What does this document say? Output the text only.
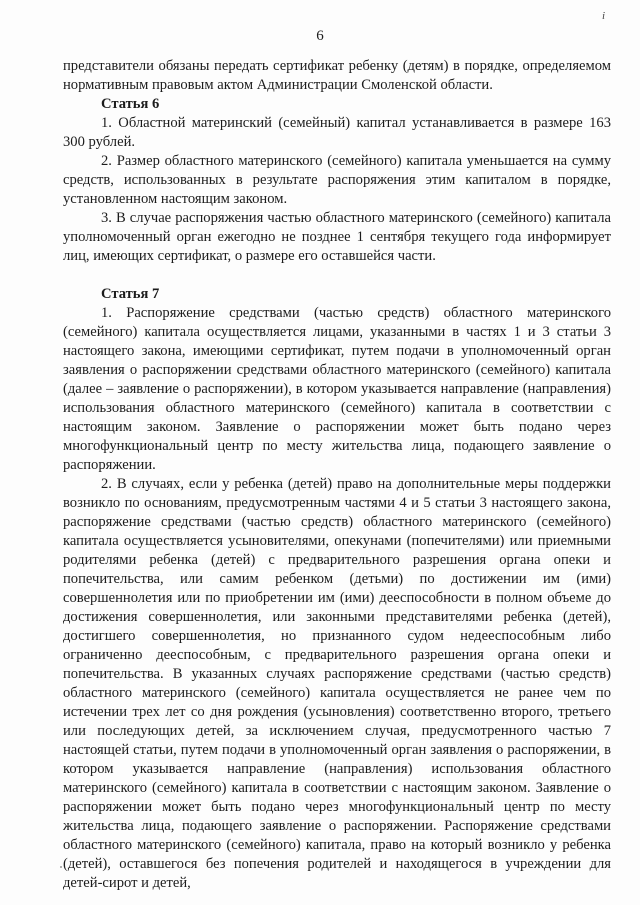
i
6

представители обязаны передать сертификат ребенку (детям) в порядке, определяемом нормативным правовым актом Администрации Смоленской области.

Статья 6

1. Областной материнский (семейный) капитал устанавливается в размере 163 300 рублей.

2. Размер областного материнского (семейного) капитала уменьшается на сумму средств, использованных в результате распоряжения этим капиталом в порядке, установленном настоящим законом.

3. В случае распоряжения частью областного материнского (семейного) капитала уполномоченный орган ежегодно не позднее 1 сентября текущего года информирует лиц, имеющих сертификат, о размере его оставшейся части.

Статья 7

1. Распоряжение средствами (частью средств) областного материнского (семейного) капитала осуществляется лицами, указанными в частях 1 и 3 статьи 3 настоящего закона, имеющими сертификат, путем подачи в уполномоченный орган заявления о распоряжении средствами областного материнского (семейного) капитала (далее – заявление о распоряжении), в котором указывается направление (направления) использования областного материнского (семейного) капитала в соответствии с настоящим законом. Заявление о распоряжении может быть подано через многофункциональный центр по месту жительства лица, подающего заявление о распоряжении.

2. В случаях, если у ребенка (детей) право на дополнительные меры поддержки возникло по основаниям, предусмотренным частями 4 и 5 статьи 3 настоящего закона, распоряжение средствами (частью средств) областного материнского (семейного) капитала осуществляется усыновителями, опекунами (попечителями) или приемными родителями ребенка (детей) с предварительного разрешения органа опеки и попечительства, или самим ребенком (детьми) по достижении им (ими) совершеннолетия или по приобретении им (ими) дееспособности в полном объеме до достижения совершеннолетия, или законными представителями ребенка (детей), достигшего совершеннолетия, но признанного судом недееспособным либо ограниченно дееспособным, с предварительного разрешения органа опеки и попечительства. В указанных случаях распоряжение средствами (частью средств) областного материнского (семейного) капитала осуществляется не ранее чем по истечении трех лет со дня рождения (усыновления) соответственно второго, третьего или последующих детей, за исключением случая, предусмотренного частью 7 настоящей статьи, путем подачи в уполномоченный орган заявления о распоряжении, в котором указывается направление (направления) использования областного материнского (семейного) капитала в соответствии с настоящим законом. Заявление о распоряжении может быть подано через многофункциональный центр по месту жительства лица, подающего заявление о распоряжении. Распоряжение средствами областного материнского (семейного) капитала, право на который возникло у ребенка (детей), оставшегося без попечения родителей и находящегося в учреждении для детей-сирот и детей,
